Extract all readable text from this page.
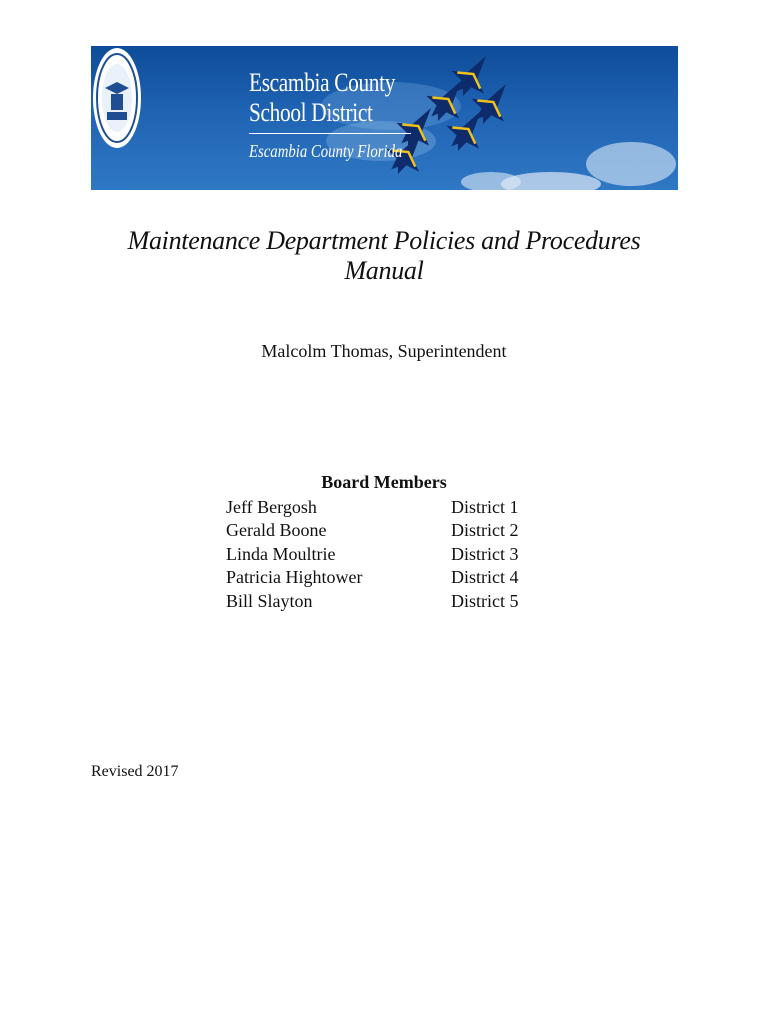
Escambia County
School District
Escambia County Florida
Maintenance Department Policies and Procedures
Manual
Malcolm Thomas, Superintendent
Board Members
Jeff Bergosh	District 1
Gerald Boone	District 2
Linda Moultrie	District 3
Patricia Hightower	District 4
Bill Slayton	District 5
Revised 2017
